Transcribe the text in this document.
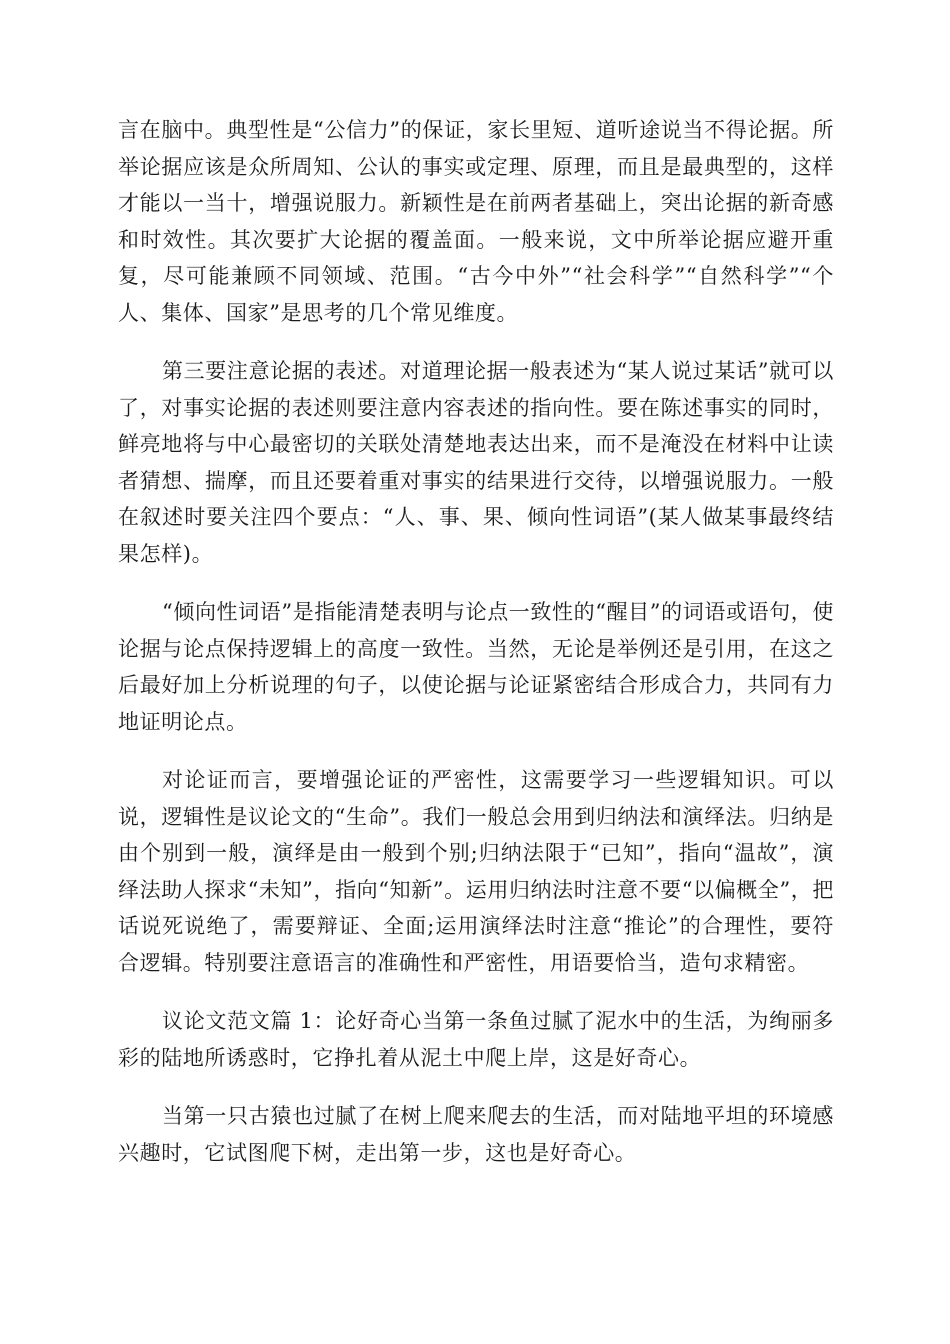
言在脑中。典型性是“公信力”的保证，家长里短、道听途说当不得论据。所举论据应该是众所周知、公认的事实或定理、原理，而且是最典型的，这样才能以一当十，增强说服力。新颖性是在前两者基础上，突出论据的新奇感和时效性。其次要扩大论据的覆盖面。一般来说，文中所举论据应避开重复，尽可能兼顾不同领域、范围。“古今中外”“社会科学”“自然科学”“个人、集体、国家”是思考的几个常见维度。

第三要注意论据的表述。对道理论据一般表述为“某人说过某话”就可以了，对事实论据的表述则要注意内容表述的指向性。要在陈述事实的同时，鲜亮地将与中心最密切的关联处清楚地表达出来，而不是淹没在材料中让读者猜想、揣摩，而且还要着重对事实的结果进行交待，以增强说服力。一般在叙述时要关注四个要点：“人、事、果、倾向性词语”(某人做某事最终结果怎样)。

“倾向性词语”是指能清楚表明与论点一致性的“醒目”的词语或语句，使论据与论点保持逻辑上的高度一致性。当然，无论是举例还是引用，在这之后最好加上分析说理的句子，以使论据与论证紧密结合形成合力，共同有力地证明论点。

对论证而言，要增强论证的严密性，这需要学习一些逻辑知识。可以说，逻辑性是议论文的“生命”。我们一般总会用到归纳法和演绎法。归纳是由个别到一般，演绎是由一般到个别;归纳法限于“已知”，指向“温故”，演绎法助人探求“未知”，指向“知新”。运用归纳法时注意不要“以偏概全”，把话说死说绝了，需要辩证、全面;运用演绎法时注意“推论”的合理性，要符合逻辑。特别要注意语言的准确性和严密性，用语要恰当，造句求精密。

议论文范文篇 1：论好奇心当第一条鱼过腻了泥水中的生活，为绚丽多彩的陆地所诱惑时，它挣扎着从泥土中爬上岸，这是好奇心。

当第一只古猿也过腻了在树上爬来爬去的生活，而对陆地平坦的环境感兴趣时，它试图爬下树，走出第一步，这也是好奇心。
